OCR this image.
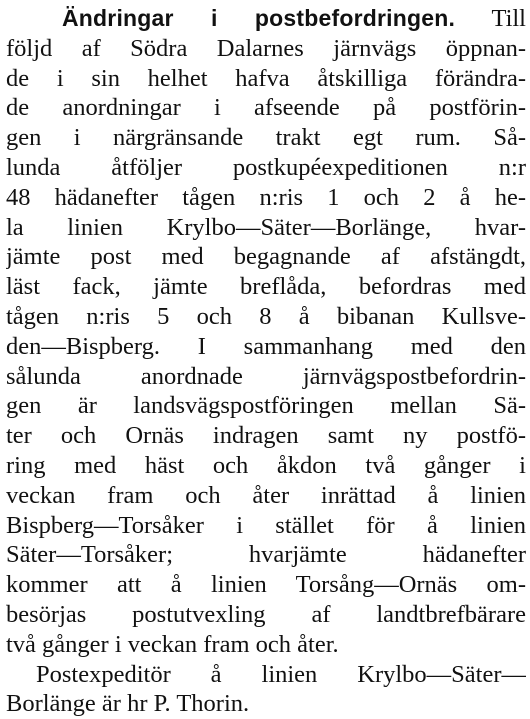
Ändringar i postbefordringen. Till
följd af Södra Dalarnes järnvägs öppnan-
de i sin helhet hafva åtskilliga förändra-
de anordningar i afseende på postförin-
gen i närgränsande trakt egt rum. Så-
lunda åtföljer postkupéexpeditionen n:r
48 hädanefter tågen n:ris 1 och 2 å he-
la linien Krylbo—Säter—Borlänge, hvar-
jämte post med begagnande af afstängdt,
läst fack, jämte breflåda, befordras med
tågen n:ris 5 och 8 å bibanan Kullsve-
den—Bispberg. I sammanhang med den
sålunda anordnade järnvägspostbefordrin-
gen är landsvägspostföringen mellan Sä-
ter och Ornäs indragen samt ny postfö-
ring med häst och åkdon två gånger i
veckan fram och åter inrättad å linien
Bispberg—Torsåker i stället för å linien
Säter—Torsåker; hvarjämte hädanefter
kommer att å linien Torsång—Ornäs om-
besörjas postutvexling af landtbrefbärare
två gånger i veckan fram och åter.
Postexpeditör å linien Krylbo—Säter—
Borlänge är hr P. Thorin.
